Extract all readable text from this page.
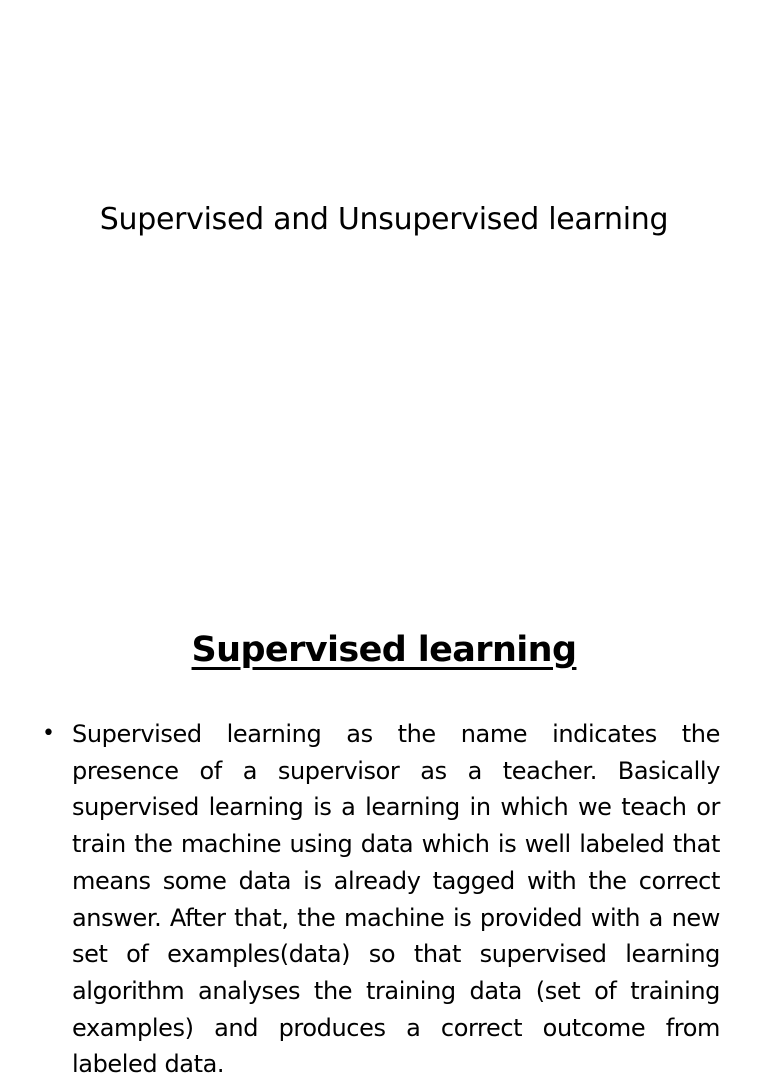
Supervised and Unsupervised learning
Supervised learning
• Supervised learning as the name indicates the presence of a supervisor as a teacher. Basically supervised learning is a learning in which we teach or train the machine using data which is well labeled that means some data is already tagged with the correct answer. After that, the machine is provided with a new set of examples(data) so that supervised learning algorithm analyses the training data (set of training examples) and produces a correct outcome from labeled data.
